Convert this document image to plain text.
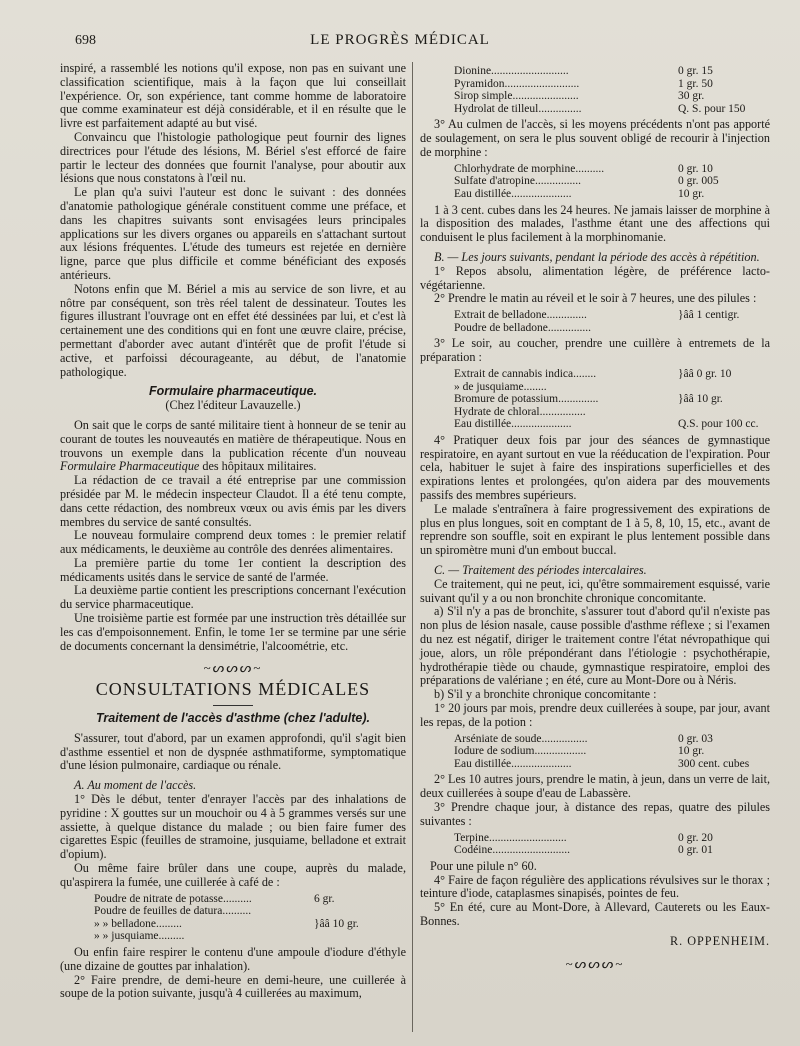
698	LE PROGRÈS MÉDICAL

inspiré, a rassemblé les notions qu'il expose, non pas en suivant une classification scientifique, mais à la façon que lui conseillait l'expérience. Or, son expérience, tant comme homme de laboratoire que comme examinateur est déjà considérable, et il en résulte que le livre est parfaitement adapté au but visé.

Convaincu que l'histologie pathologique peut fournir des lignes directrices pour l'étude des lésions, M. Bériel s'est efforcé de faire partir le lecteur des données que fournit l'analyse, pour aboutir aux lésions que nous constatons à l'œil nu.

Le plan qu'a suivi l'auteur est donc le suivant : des données d'anatomie pathologique générale constituent comme une préface, et dans les chapitres suivants sont envisagées leurs principales applications sur les divers organes ou appareils en s'attachant surtout aux lésions fréquentes. L'étude des tumeurs est rejetée en dernière ligne, parce que plus difficile et comme bénéficiant des exposés antérieurs.

Notons enfin que M. Bériel a mis au service de son livre, et au nôtre par conséquent, son très réel talent de dessinateur. Toutes les figures illustrant l'ouvrage ont en effet été dessinées par lui, et c'est là certainement une des conditions qui en font une œuvre claire, précise, permettant d'aborder avec autant d'intérêt que de profit l'étude si active, et parfoissi décourageante, au début, de l'anatomie pathologique.

Formulaire pharmaceutique.
(Chez l'éditeur Lavauzelle.)

On sait que le corps de santé militaire tient à honneur de se tenir au courant de toutes les nouveautés en matière de thérapeutique. Nous en trouvons un exemple dans la publication récente d'un nouveau Formulaire Pharmaceutique des hôpitaux militaires.

La rédaction de ce travail a été entreprise par une commission présidée par M. le médecin inspecteur Claudot. Il a été tenu compte, dans cette rédaction, des nombreux vœux ou avis émis par les divers membres du service de santé consultés.

Le nouveau formulaire comprend deux tomes : le premier relatif aux médicaments, le deuxième au contrôle des denrées alimentaires.

La première partie du tome 1er contient la description des médicaments usités dans le service de santé de l'armée.

La deuxième partie contient les prescriptions concernant l'exécution du service pharmaceutique.

Une troisième partie est formée par une instruction très détaillée sur les cas d'empoisonnement. Enfin, le tome 1er se termine par une série de documents concernant la densimétrie, l'alcoométrie, etc.

~ᔕᔕᔕ~
CONSULTATIONS MÉDICALES
Traitement de l'accès d'asthme (chez l'adulte).

S'assurer, tout d'abord, par un examen approfondi, qu'il s'agit bien d'asthme essentiel et non de dyspnée asthmatiforme, symptomatique d'une lésion pulmonaire, cardiaque ou rénale.

A. Au moment de l'accès.

1° Dès le début, tenter d'enrayer l'accès par des inhalations de pyridine : X gouttes sur un mouchoir ou 4 à 5 grammes versés sur une assiette, à quelque distance du malade ; ou bien faire fumer des cigarettes Espic (feuilles de stramoine, jusquiame, belladone et extrait d'opium).

Ou même faire brûler dans une coupe, auprès du malade, qu'aspirera la fumée, une cuillerée à café de :

Poudre de nitrate de potasse..........	6 gr.
Poudre de feuilles de datura..........
» » belladone.........	}ââ 10 gr.
» » jusquiame.........

Ou enfin faire respirer le contenu d'une ampoule d'iodure d'éthyle (une dizaine de gouttes par inhalation).

2° Faire prendre, de demi-heure en demi-heure, une cuillerée à soupe de la potion suivante, jusqu'à 4 cuillerées au maximum,

Dionine...........................	0 gr. 15
Pyramidon..........................	1 gr. 50
Sirop simple.......................	30 gr.
Hydrolat de tilleul...............	Q. S. pour 150

3° Au culmen de l'accès, si les moyens précédents n'ont pas apporté de soulagement, on sera le plus souvent obligé de recourir à l'injection de morphine :

Chlorhydrate de morphine..........	0 gr. 10
Sulfate d'atropine................	0 gr. 005
Eau distillée.....................	10 gr.

1 à 3 cent. cubes dans les 24 heures. Ne jamais laisser de morphine à la disposition des malades, l'asthme étant une des affections qui conduisent le plus facilement à la morphinomanie.

B. — Les jours suivants, pendant la période des accès à répétition.

1° Repos absolu, alimentation légère, de préférence lacto-végétarienne.

2° Prendre le matin au réveil et le soir à 7 heures, une des pilules :

Extrait de belladone..............	}ââ 1 centigr.
Poudre de belladone...............

3° Le soir, au coucher, prendre une cuillère à entremets de la préparation :

Extrait de cannabis indica........	}ââ 0 gr. 10
» de jusquiame........
Bromure de potassium..............	}ââ 10 gr.
Hydrate de chloral................
Eau distillée.....................	Q.S. pour 100 cc.

4° Pratiquer deux fois par jour des séances de gymnastique respiratoire, en ayant surtout en vue la rééducation de l'expiration. Pour cela, habituer le sujet à faire des inspirations superficielles et des expirations lentes et prolongées, qu'on aidera par des mouvements passifs des membres supérieurs.

Le malade s'entraînera à faire progressivement des expirations de plus en plus longues, soit en comptant de 1 à 5, 8, 10, 15, etc., avant de reprendre son souffle, soit en expirant le plus lentement possible dans un spiromètre muni d'un embout buccal.

C. — Traitement des périodes intercalaires.

Ce traitement, qui ne peut, ici, qu'être sommairement esquissé, varie suivant qu'il y a ou non bronchite chronique concomitante.

a) S'il n'y a pas de bronchite, s'assurer tout d'abord qu'il n'existe pas non plus de lésion nasale, cause possible d'asthme réflexe ; si l'examen du nez est négatif, diriger le traitement contre l'état névropathique qui joue, alors, un rôle prépondérant dans l'étiologie : psychothérapie, hydrothérapie tiède ou chaude, gymnastique respiratoire, emploi des préparations de valériane ; en été, cure au Mont-Dore ou à Néris.

b) S'il y a bronchite chronique concomitante :

1° 20 jours par mois, prendre deux cuillerées à soupe, par jour, avant les repas, de la potion :

Arséniate de soude................	0 gr. 03
Iodure de sodium..................	10 gr.
Eau distillée.....................	300 cent. cubes

2° Les 10 autres jours, prendre le matin, à jeun, dans un verre de lait, deux cuillerées à soupe d'eau de Labassère.

3° Prendre chaque jour, à distance des repas, quatre des pilules suivantes :

Terpine...........................	0 gr. 20
Codéine...........................	0 gr. 01

Pour une pilule n° 60.

4° Faire de façon régulière des applications révulsives sur le thorax ; teinture d'iode, cataplasmes sinapisés, pointes de feu.

5° En été, cure au Mont-Dore, à Allevard, Cauterets ou les Eaux-Bonnes.

R. OPPENHEIM.
~ᔕᔕᔕ~
